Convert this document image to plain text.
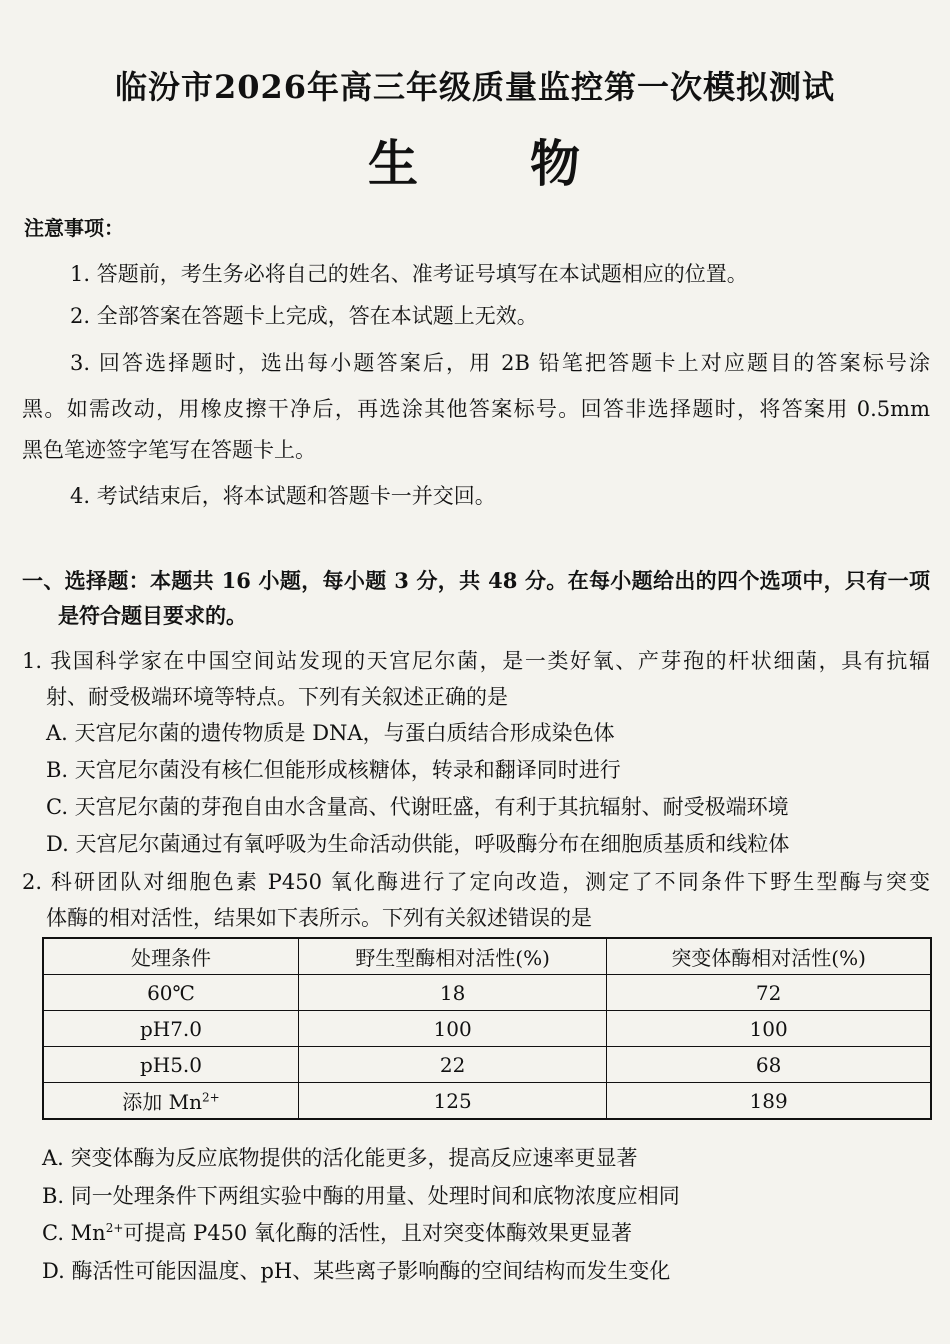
临汾市2026年高三年级质量监控第一次模拟测试
生 物
注意事项：
1. 答题前，考生务必将自己的姓名、准考证号填写在本试题相应的位置。
2. 全部答案在答题卡上完成，答在本试题上无效。
3. 回答选择题时，选出每小题答案后，用 2B 铅笔把答题卡上对应题目的答案标号涂
黑。如需改动，用橡皮擦干净后，再选涂其他答案标号。回答非选择题时，将答案用 0.5mm
黑色笔迹签字笔写在答题卡上。
4. 考试结束后，将本试题和答题卡一并交回。
一、选择题：本题共 16 小题，每小题 3 分，共 48 分。在每小题给出的四个选项中，只有一项
是符合题目要求的。
1. 我国科学家在中国空间站发现的天宫尼尔菌，是一类好氧、产芽孢的杆状细菌，具有抗辐
射、耐受极端环境等特点。下列有关叙述正确的是
A. 天宫尼尔菌的遗传物质是 DNA，与蛋白质结合形成染色体
B. 天宫尼尔菌没有核仁但能形成核糖体，转录和翻译同时进行
C. 天宫尼尔菌的芽孢自由水含量高、代谢旺盛，有利于其抗辐射、耐受极端环境
D. 天宫尼尔菌通过有氧呼吸为生命活动供能，呼吸酶分布在细胞质基质和线粒体
2. 科研团队对细胞色素 P450 氧化酶进行了定向改造，测定了不同条件下野生型酶与突变
体酶的相对活性，结果如下表所示。下列有关叙述错误的是
处理条件	野生型酶相对活性(%)	突变体酶相对活性(%)
60℃	18	72
pH7.0	100	100
pH5.0	22	68
添加 $Mn^{2+}$	125	189
A. 突变体酶为反应底物提供的活化能更多，提高反应速率更显著
B. 同一处理条件下两组实验中酶的用量、处理时间和底物浓度应相同
C. $Mn^{2+}$可提高 P450 氧化酶的活性，且对突变体酶效果更显著
D. 酶活性可能因温度、pH、某些离子影响酶的空间结构而发生变化
